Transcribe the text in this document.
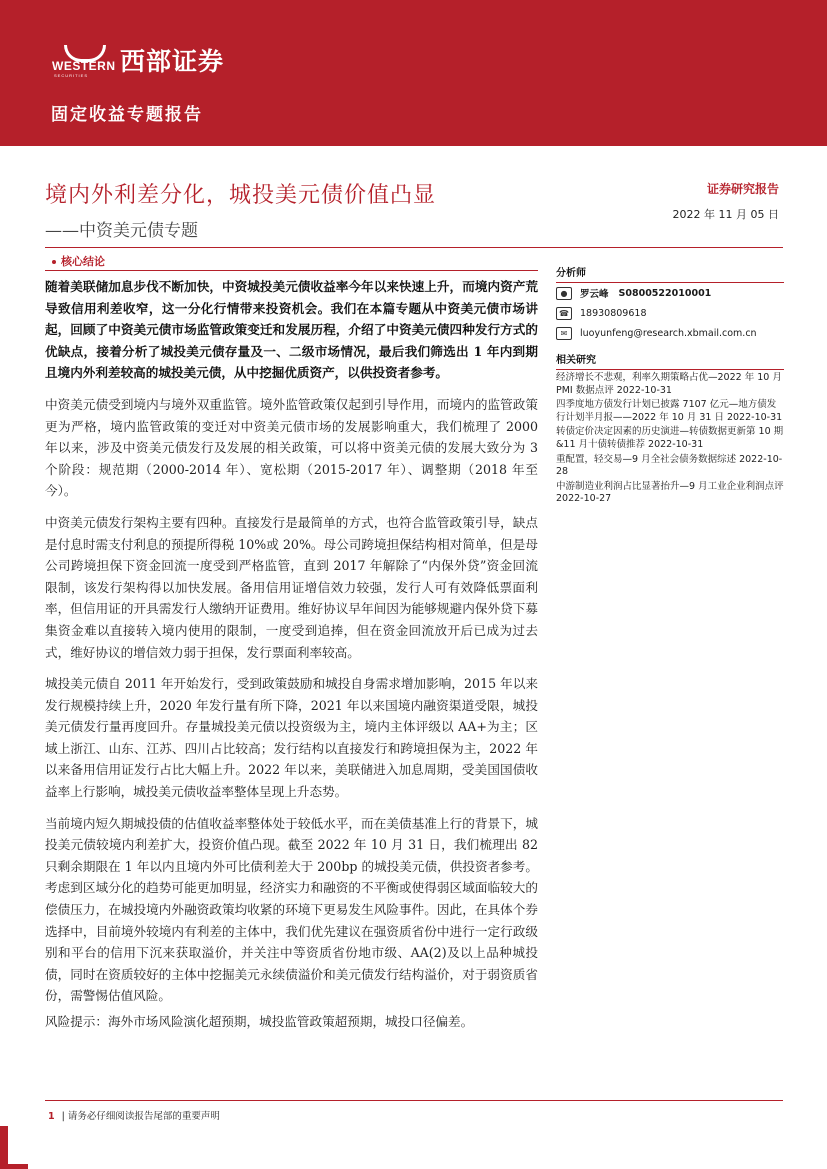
WESTERN
SECURITIES 西部证券
固定收益专题报告
境内外利差分化，城投美元债价值凸显
——中资美元债专题
证券研究报告
2022 年 11 月 05 日
核心结论

随着美联储加息步伐不断加快，中资城投美元债收益率今年以来快速上升，而境内资产荒导致信用利差收窄，这一分化行情带来投资机会。我们在本篇专题从中资美元债市场讲起，回顾了中资美元债市场监管政策变迁和发展历程，介绍了中资美元债四种发行方式的优缺点，接着分析了城投美元债存量及一、二级市场情况，最后我们筛选出 1 年内到期且境内外利差较高的城投美元债，从中挖掘优质资产，以供投资者参考。

中资美元债受到境内与境外双重监管。境外监管政策仅起到引导作用，而境内的监管政策更为严格，境内监管政策的变迁对中资美元债市场的发展影响重大，我们梳理了 2000 年以来，涉及中资美元债发行及发展的相关政策，可以将中资美元债的发展大致分为 3 个阶段：规范期（2000-2014 年）、宽松期（2015-2017 年）、调整期（2018 年至今）。

中资美元债发行架构主要有四种。直接发行是最简单的方式，也符合监管政策引导，缺点是付息时需支付利息的预提所得税 10%或 20%。母公司跨境担保结构相对简单，但是母公司跨境担保下资金回流一度受到严格监管，直到 2017 年解除了“内保外贷”资金回流限制，该发行架构得以加快发展。备用信用证增信效力较强，发行人可有效降低票面利率，但信用证的开具需发行人缴纳开证费用。维好协议早年间因为能够规避内保外贷下募集资金难以直接转入境内使用的限制，一度受到追捧，但在资金回流放开后已成为过去式，维好协议的增信效力弱于担保，发行票面利率较高。

城投美元债自 2011 年开始发行，受到政策鼓励和城投自身需求增加影响，2015 年以来发行规模持续上升，2020 年发行量有所下降，2021 年以来国境内融资渠道受限，城投美元债发行量再度回升。存量城投美元债以投资级为主，境内主体评级以 AA+为主；区域上浙江、山东、江苏、四川占比较高；发行结构以直接发行和跨境担保为主，2022 年以来备用信用证发行占比大幅上升。2022 年以来，美联储进入加息周期，受美国国债收益率上行影响，城投美元债收益率整体呈现上升态势。

当前境内短久期城投债的估值收益率整体处于较低水平，而在美债基准上行的背景下，城投美元债较境内利差扩大，投资价值凸现。截至 2022 年 10 月 31 日，我们梳理出 82 只剩余期限在 1 年以内且境内外可比债利差大于 200bp 的城投美元债，供投资者参考。考虑到区域分化的趋势可能更加明显，经济实力和融资的不平衡或使得弱区域面临较大的偿债压力，在城投境内外融资政策均收紧的环境下更易发生风险事件。因此，在具体个券选择中，目前境外较境内有利差的主体中，我们优先建议在强资质省份中进行一定行政级别和平台的信用下沉来获取溢价，并关注中等资质省份地市级、AA(2)及以上品种城投债，同时在资质较好的主体中挖掘美元永续债溢价和美元债发行结构溢价，对于弱资质省份，需警惕估值风险。

风险提示：海外市场风险演化超预期，城投监管政策超预期，城投口径偏差。

分析师
●	罗云峰 S0800522010001
☎	18930809618
✉	luoyunfeng@research.xbmail.com.cn
相关研究
经济增长不悲观，利率久期策略占优—2022 年 10 月 PMI 数据点评 2022-10-31
四季度地方债发行计划已披露 7107 亿元—地方债发行计划半月报——2022 年 10 月 31 日 2022-10-31
转债定价决定因素的历史演进—转债数据更新第 10 期&11 月十债转债推荐 2022-10-31
重配置，轻交易—9 月全社会债务数据综述 2022-10-28
中游制造业利润占比显著抬升—9 月工业企业利润点评 2022-10-27
1 | 请务必仔细阅读报告尾部的重要声明
